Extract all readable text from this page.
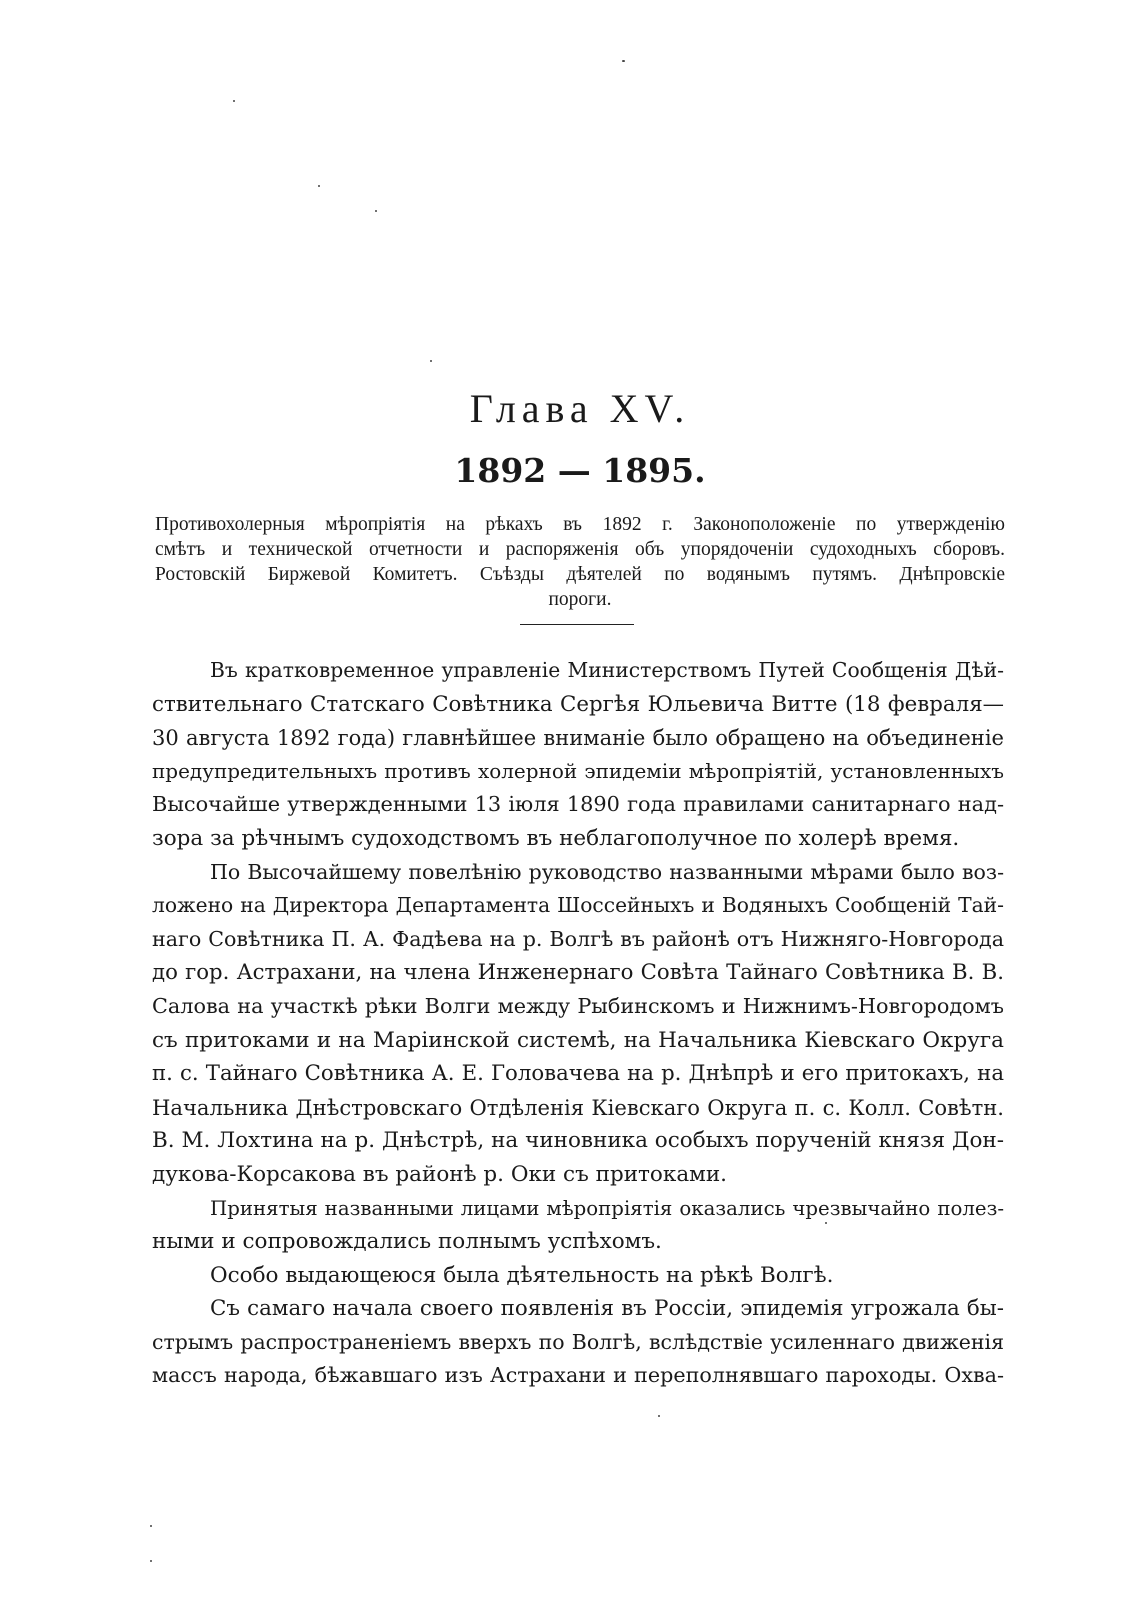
Глава XV.
1892 — 1895.
Противохолерныя мѣропріятія на рѣкахъ въ 1892 г. Законоположеніе по утвержденію
смѣтъ и технической отчетности и распоряженія объ упорядоченіи судоходныхъ сборовъ.
Ростовскій Биржевой Комитетъ. Съѣзды дѣятелей по водянымъ путямъ. Днѣпровскіе
пороги.
Въ кратковременное управленіе Министерствомъ Путей Сообщенія Дѣй-
ствительнаго Статскаго Совѣтника Сергѣя Юльевича Витте (18 февраля—
30 августа 1892 года) главнѣйшее вниманіе было обращено на объединеніе
предупредительныхъ противъ холерной эпидеміи мѣропріятій, установленныхъ
Высочайше утвержденными 13 іюля 1890 года правилами санитарнаго над-
зора за рѣчнымъ судоходствомъ въ неблагополучное по холерѣ время.
По Высочайшему повелѣнію руководство названными мѣрами было воз-
ложено на Директора Департамента Шоссейныхъ и Водяныхъ Сообщеній Тай-
наго Совѣтника П. А. Фадѣева на р. Волгѣ въ районѣ отъ Нижняго-Новгорода
до гор. Астрахани, на члена Инженернаго Совѣта Тайнаго Совѣтника В. В.
Салова на участкѣ рѣки Волги между Рыбинскомъ и Нижнимъ-Новгородомъ
съ притоками и на Маріинской системѣ, на Начальника Кіевскаго Округа
п. с. Тайнаго Совѣтника А. Е. Головачева на р. Днѣпрѣ и его притокахъ, на
Начальника Днѣстровскаго Отдѣленія Кіевскаго Округа п. с. Колл. Совѣтн.
В. М. Лохтина на р. Днѣстрѣ, на чиновника особыхъ порученій князя Дон-
дукова-Корсакова въ районѣ р. Оки съ притоками.
Принятыя названными лицами мѣропріятія оказались чрезвычайно полез-
ными и сопровождались полнымъ успѣхомъ.
Особо выдающеюся была дѣятельность на рѣкѣ Волгѣ.
Съ самаго начала своего появленія въ Россіи, эпидемія угрожала бы-
стрымъ распространеніемъ вверхъ по Волгѣ, вслѣдствіе усиленнаго движенія
массъ народа, бѣжавшаго изъ Астрахани и переполнявшаго пароходы. Охва-
